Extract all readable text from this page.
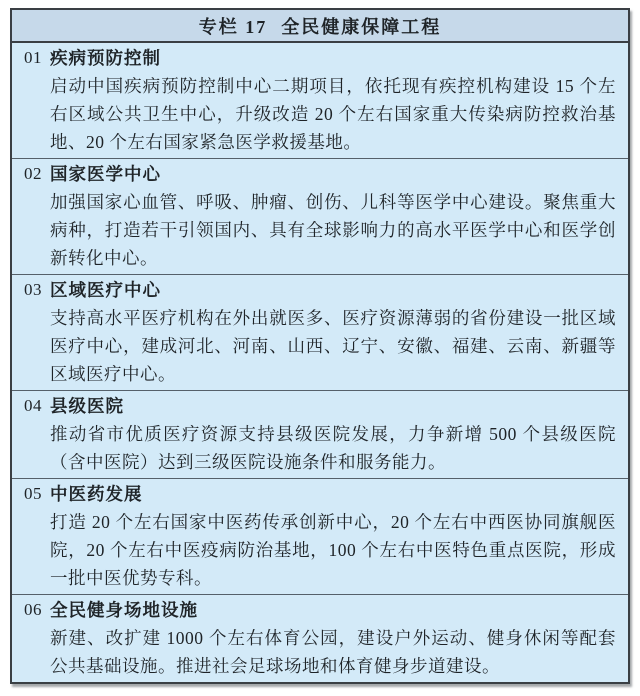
专栏 17 全民健康保障工程
01 疾病预防控制
启动中国疾病预防控制中心二期项目，依托现有疾控机构建设 15 个左右区域公共卫生中心，升级改造 20 个左右国家重大传染病防控救治基地、20 个左右国家紧急医学救援基地。
02 国家医学中心
加强国家心血管、呼吸、肿瘤、创伤、儿科等医学中心建设。聚焦重大病种，打造若干引领国内、具有全球影响力的高水平医学中心和医学创新转化中心。
03 区域医疗中心
支持高水平医疗机构在外出就医多、医疗资源薄弱的省份建设一批区域医疗中心，建成河北、河南、山西、辽宁、安徽、福建、云南、新疆等区域医疗中心。
04 县级医院
推动省市优质医疗资源支持县级医院发展，力争新增 500 个县级医院（含中医院）达到三级医院设施条件和服务能力。
05 中医药发展
打造 20 个左右国家中医药传承创新中心，20 个左右中西医协同旗舰医院，20 个左右中医疫病防治基地，100 个左右中医特色重点医院，形成一批中医优势专科。
06 全民健身场地设施
新建、改扩建 1000 个左右体育公园，建设户外运动、健身休闲等配套公共基础设施。推进社会足球场地和体育健身步道建设。
